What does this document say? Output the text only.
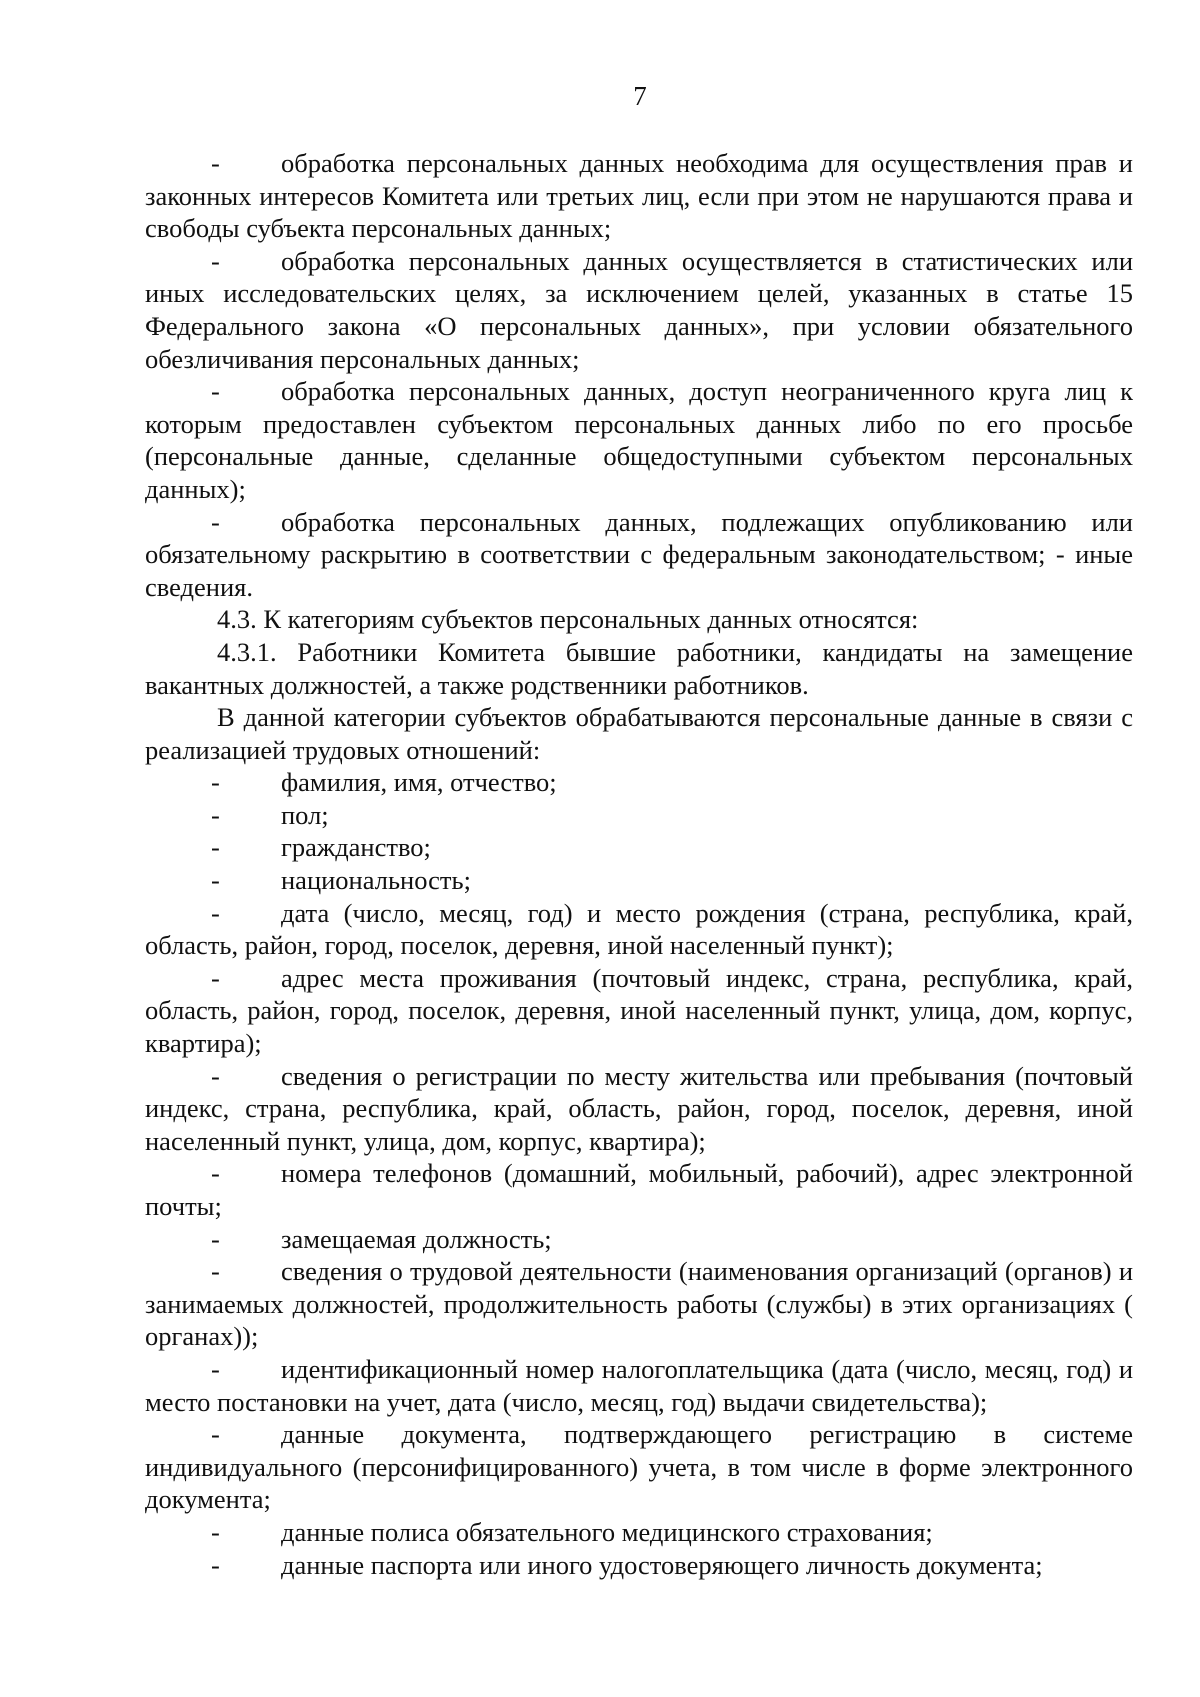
7

- обработка персональных данных необходима для осуществления прав и законных интересов Комитета или третьих лиц, если при этом не нарушаются права и свободы субъекта персональных данных;

- обработка персональных данных осуществляется в статистических или иных исследовательских целях, за исключением целей, указанных в статье 15 Федерального закона «О персональных данных», при условии обязательного обезличивания персональных данных;

- обработка персональных данных, доступ неограниченного круга лиц к которым предоставлен субъектом персональных данных либо по его просьбе (персональные данные, сделанные общедоступными субъектом персональных данных);

- обработка персональных данных, подлежащих опубликованию или обязательному раскрытию в соответствии с федеральным законодательством; - иные сведения.

4.3. К категориям субъектов персональных данных относятся:

4.3.1. Работники Комитета бывшие работники, кандидаты на замещение вакантных должностей, а также родственники работников.

В данной категории субъектов обрабатываются персональные данные в связи с реализацией трудовых отношений:

- фамилия, имя, отчество;

- пол;

- гражданство;

- национальность;

- дата (число, месяц, год) и место рождения (страна, республика, край, область, район, город, поселок, деревня, иной населенный пункт);

- адрес места проживания (почтовый индекс, страна, республика, край, область, район, город, поселок, деревня, иной населенный пункт, улица, дом, корпус, квартира);

- сведения о регистрации по месту жительства или пребывания (почтовый индекс, страна, республика, край, область, район, город, поселок, деревня, иной населенный пункт, улица, дом, корпус, квартира);

- номера телефонов (домашний, мобильный, рабочий), адрес электронной почты;

- замещаемая должность;

- сведения о трудовой деятельности (наименования организаций (органов) и занимаемых должностей, продолжительность работы (службы) в этих организациях ( органах));

- идентификационный номер налогоплательщика (дата (число, месяц, год) и место постановки на учет, дата (число, месяц, год) выдачи свидетельства);

- данные документа, подтверждающего регистрацию в системе индивидуального (персонифицированного) учета, в том числе в форме электронного документа;

- данные полиса обязательного медицинского страхования;

- данные паспорта или иного удостоверяющего личность документа;
